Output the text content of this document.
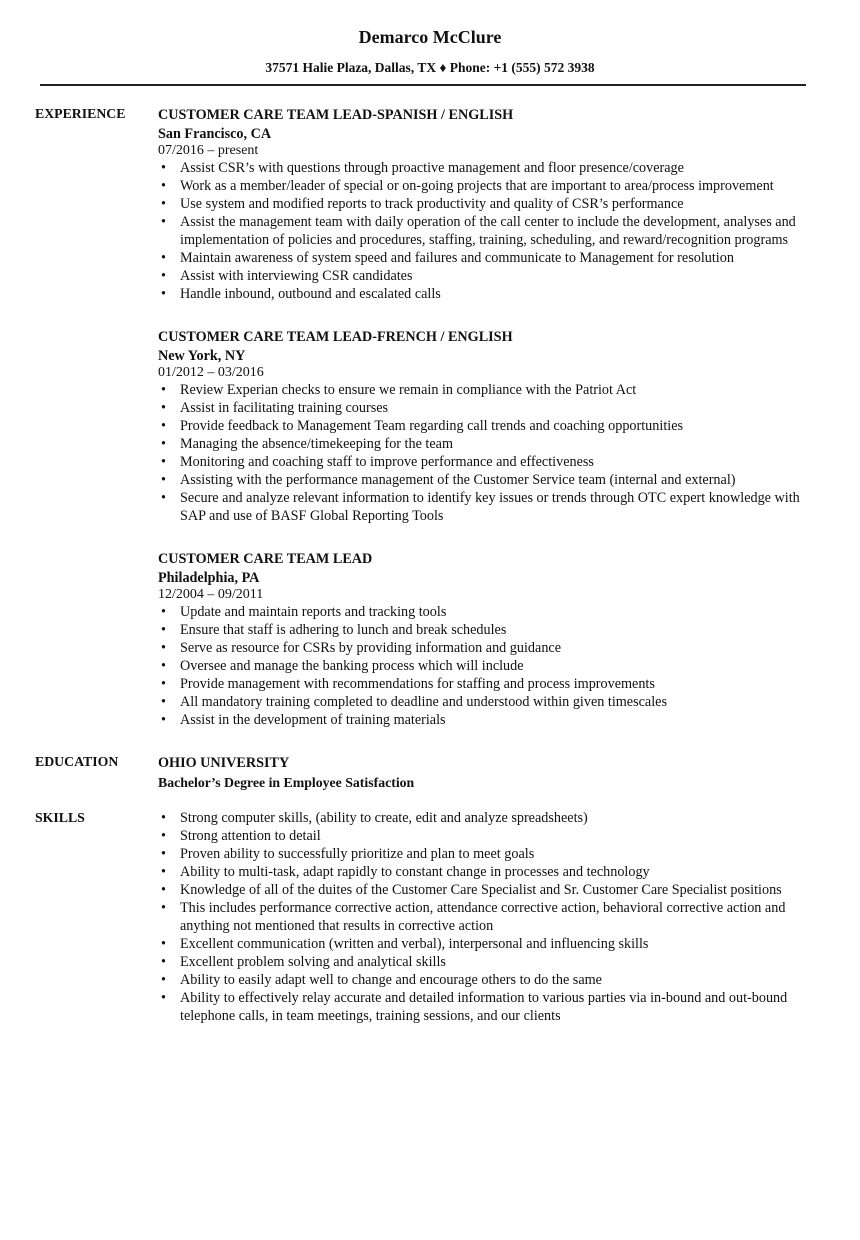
Demarco McClure
37571 Halie Plaza, Dallas, TX ♦ Phone: +1 (555) 572 3938
EXPERIENCE CUSTOMER CARE TEAM LEAD-SPANISH / ENGLISH
San Francisco, CA
07/2016 – present
• Assist CSR’s with questions through proactive management and floor presence/coverage
• Work as a member/leader of special or on-going projects that are important to area/process improvement
• Use system and modified reports to track productivity and quality of CSR’s performance
• Assist the management team with daily operation of the call center to include the development, analyses and implementation of policies and procedures, staffing, training, scheduling, and reward/recognition programs
• Maintain awareness of system speed and failures and communicate to Management for resolution
• Assist with interviewing CSR candidates
• Handle inbound, outbound and escalated calls
CUSTOMER CARE TEAM LEAD-FRENCH / ENGLISH
New York, NY
01/2012 – 03/2016
• Review Experian checks to ensure we remain in compliance with the Patriot Act
• Assist in facilitating training courses
• Provide feedback to Management Team regarding call trends and coaching opportunities
• Managing the absence/timekeeping for the team
• Monitoring and coaching staff to improve performance and effectiveness
• Assisting with the performance management of the Customer Service team (internal and external)
• Secure and analyze relevant information to identify key issues or trends through OTC expert knowledge with SAP and use of BASF Global Reporting Tools
CUSTOMER CARE TEAM LEAD
Philadelphia, PA
12/2004 – 09/2011
• Update and maintain reports and tracking tools
• Ensure that staff is adhering to lunch and break schedules
• Serve as resource for CSRs by providing information and guidance
• Oversee and manage the banking process which will include
• Provide management with recommendations for staffing and process improvements
• All mandatory training completed to deadline and understood within given timescales
• Assist in the development of training materials
EDUCATION	OHIO UNIVERSITY
Bachelor’s Degree in Employee Satisfaction
SKILLS
•	Strong computer skills, (ability to create, edit and analyze spreadsheets)
• Strong attention to detail
• Proven ability to successfully prioritize and plan to meet goals
• Ability to multi-task, adapt rapidly to constant change in processes and technology
• Knowledge of all of the duites of the Customer Care Specialist and Sr. Customer Care Specialist positions
• This includes performance corrective action, attendance corrective action, behavioral corrective action and anything not mentioned that results in corrective action
• Excellent communication (written and verbal), interpersonal and influencing skills
• Excellent problem solving and analytical skills
• Ability to easily adapt well to change and encourage others to do the same
• Ability to effectively relay accurate and detailed information to various parties via in-bound and out-bound telephone calls, in team meetings, training sessions, and our clients
